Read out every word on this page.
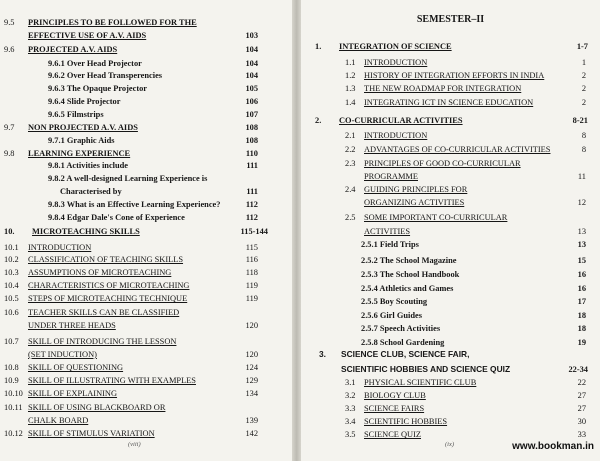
9.5 PRINCIPLES TO BE FOLLOWED FOR THE
EFFECTIVE USE OF A.V. AIDS	103
9.6 PROJECTED A.V. AIDS	104
9.6.1 Over Head Projector	104
9.6.2 Over Head Transperencies	104
9.6.3 The Opaque Projector	105
9.6.4 Slide Projector	106
9.6.5 Filmstrips	107
9.7 NON PROJECTED A.V. AIDS	108
9.7.1 Graphic Aids	108
9.8 LEARNING EXPERIENCE	110
9.8.1 Activities include	111
9.8.2 A well-designed Learning Experience is
Characterised by	111
9.8.3 What is an Effective Learning Experience?	112
9.8.4 Edgar Dale's Cone of Experience	112
10. MICROTEACHING SKILLS	115-144
10.1 INTRODUCTION	115
10.2 CLASSIFICATION OF TEACHING SKILLS	116
10.3 ASSUMPTIONS OF MICROTEACHING	118
10.4 CHARACTERISTICS OF MICROTEACHING	119
10.5 STEPS OF MICROTEACHING TECHNIQUE	119
10.6 TEACHER SKILLS CAN BE CLASSIFIED
UNDER THREE HEADS	120
10.7 SKILL OF INTRODUCING THE LESSON
(SET INDUCTION)	120
10.8 SKILL OF QUESTIONING	124
10.9 SKILL OF ILLUSTRATING WITH EXAMPLES	129
10.10 SKILL OF EXPLAINING	134
10.11 SKILL OF USING BLACKBOARD OR
CHALK BOARD	139
10.12 SKILL OF STIMULUS VARIATION	142
SEMESTER–II
1. INTEGRATION OF SCIENCE	1-7
1.1 INTRODUCTION	1
1.2 HISTORY OF INTEGRATION EFFORTS IN INDIA	2
1.3 THE NEW ROADMAP FOR INTEGRATION	2
1.4 INTEGRATING ICT IN SCIENCE EDUCATION	2
2. CO-CURRICULAR ACTIVITIES	8-21
2.1 INTRODUCTION	8
2.2 ADVANTAGES OF CO-CURRICULAR ACTIVITIES	8
2.3 PRINCIPLES OF GOOD CO-CURRICULAR
PROGRAMME	11
2.4 GUIDING PRINCIPLES FOR
ORGANIZING ACTIVITIES	12
2.5 SOME IMPORTANT CO-CURRICULAR
ACTIVITIES	13
2.5.1 Field Trips	13
2.5.2 The School Magazine	15
2.5.3 The School Handbook	16
2.5.4 Athletics and Games	16
2.5.5 Boy Scouting	17
2.5.6 Girl Guides	18
2.5.7 Speech Activities	18
2.5.8 School Gardening	19
3. SCIENCE CLUB, SCIENCE FAIR,
SCIENTIFIC HOBBIES AND SCIENCE QUIZ	22-34
3.1 PHYSICAL SCIENTIFIC CLUB	22
3.2 BIOLOGY CLUB	27
3.3 SCIENCE FAIRS	27
3.4 SCIENTIFIC HOBBIES	30
3.5 SCIENCE QUIZ	33
(viii)	(ix)	www.bookman.in
